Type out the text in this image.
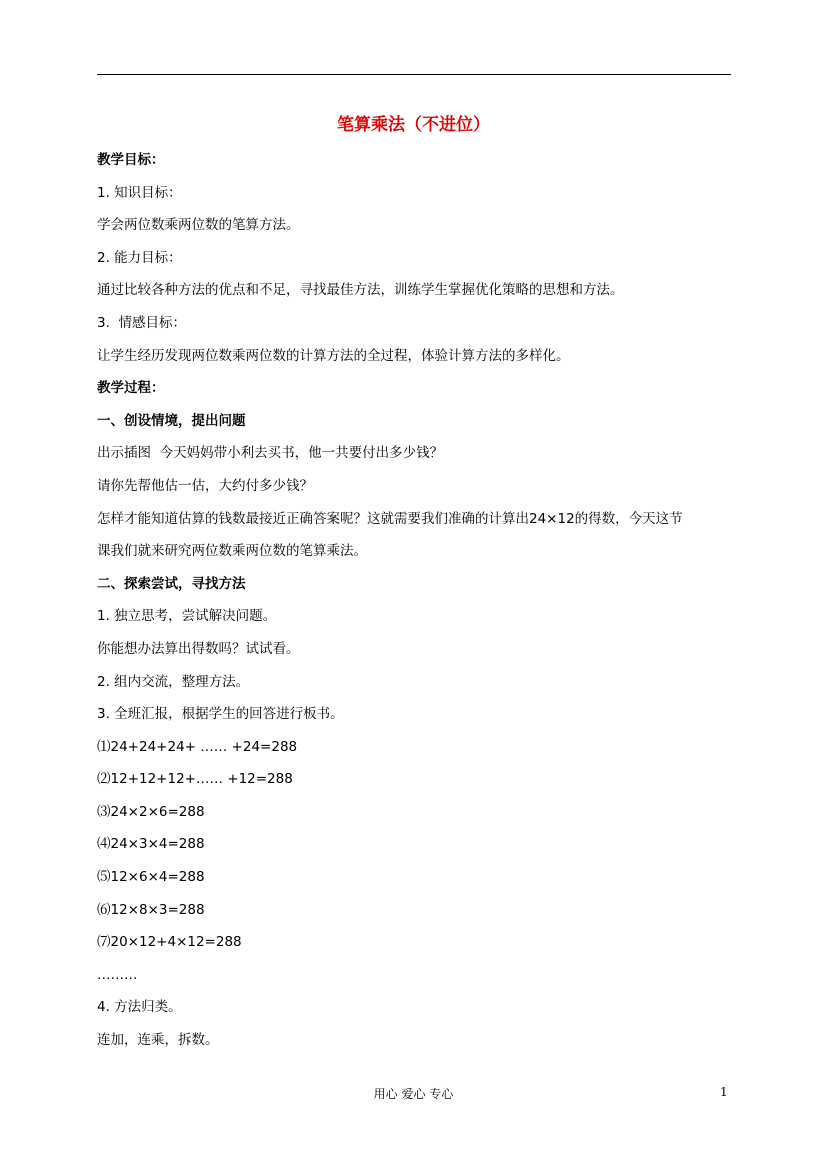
笔算乘法（不进位）
教学目标：
1. 知识目标：
学会两位数乘两位数的笔算方法。
2. 能力目标：
通过比较各种方法的优点和不足，寻找最佳方法，训练学生掌握优化策略的思想和方法。
3.  情感目标：
让学生经历发现两位数乘两位数的计算方法的全过程，体验计算方法的多样化。
教学过程：
一、创设情境，提出问题
出示插图  今天妈妈带小利去买书，他一共要付出多少钱？
请你先帮他估一估，大约付多少钱？
怎样才能知道估算的钱数最接近正确答案呢？这就需要我们准确的计算出24×12的得数，今天这节
课我们就来研究两位数乘两位数的笔算乘法。
二、探索尝试，寻找方法
1. 独立思考，尝试解决问题。
你能想办法算出得数吗？试试看。
2. 组内交流，整理方法。
3. 全班汇报，根据学生的回答进行板书。
⑴24+24+24+ …… +24=288
⑵12+12+12+…… +12=288
⑶24×2×6=288
⑷24×3×4=288
⑸12×6×4=288
⑹12×8×3=288
⑺20×12+4×12=288
………
4. 方法归类。
连加，连乘，拆数。
用心 爱心 专心	1
